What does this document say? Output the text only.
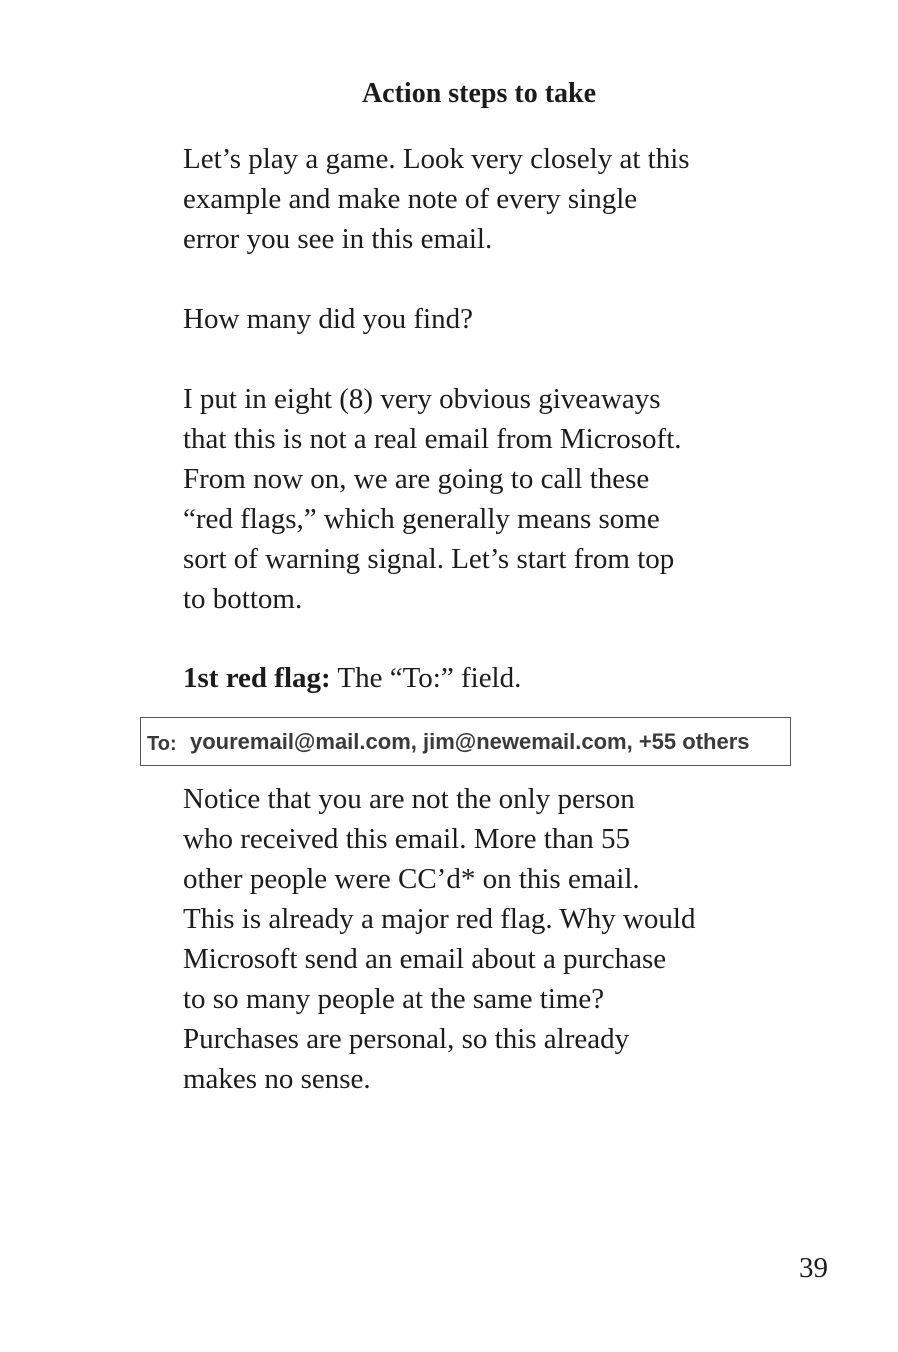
Action steps to take

Let’s play a game. Look very closely at this
example and make note of every single
error you see in this email.

How many did you find?

I put in eight (8) very obvious giveaways
that this is not a real email from Microsoft.
From now on, we are going to call these
“red flags,” which generally means some
sort of warning signal. Let’s start from top
to bottom.

1st red flag: The “To:” field.

To: youremail@mail.com, jim@newemail.com, +55 others

Notice that you are not the only person
who received this email. More than 55
other people were CC’d* on this email.
This is already a major red flag. Why would
Microsoft send an email about a purchase
to so many people at the same time?
Purchases are personal, so this already
makes no sense.

39
